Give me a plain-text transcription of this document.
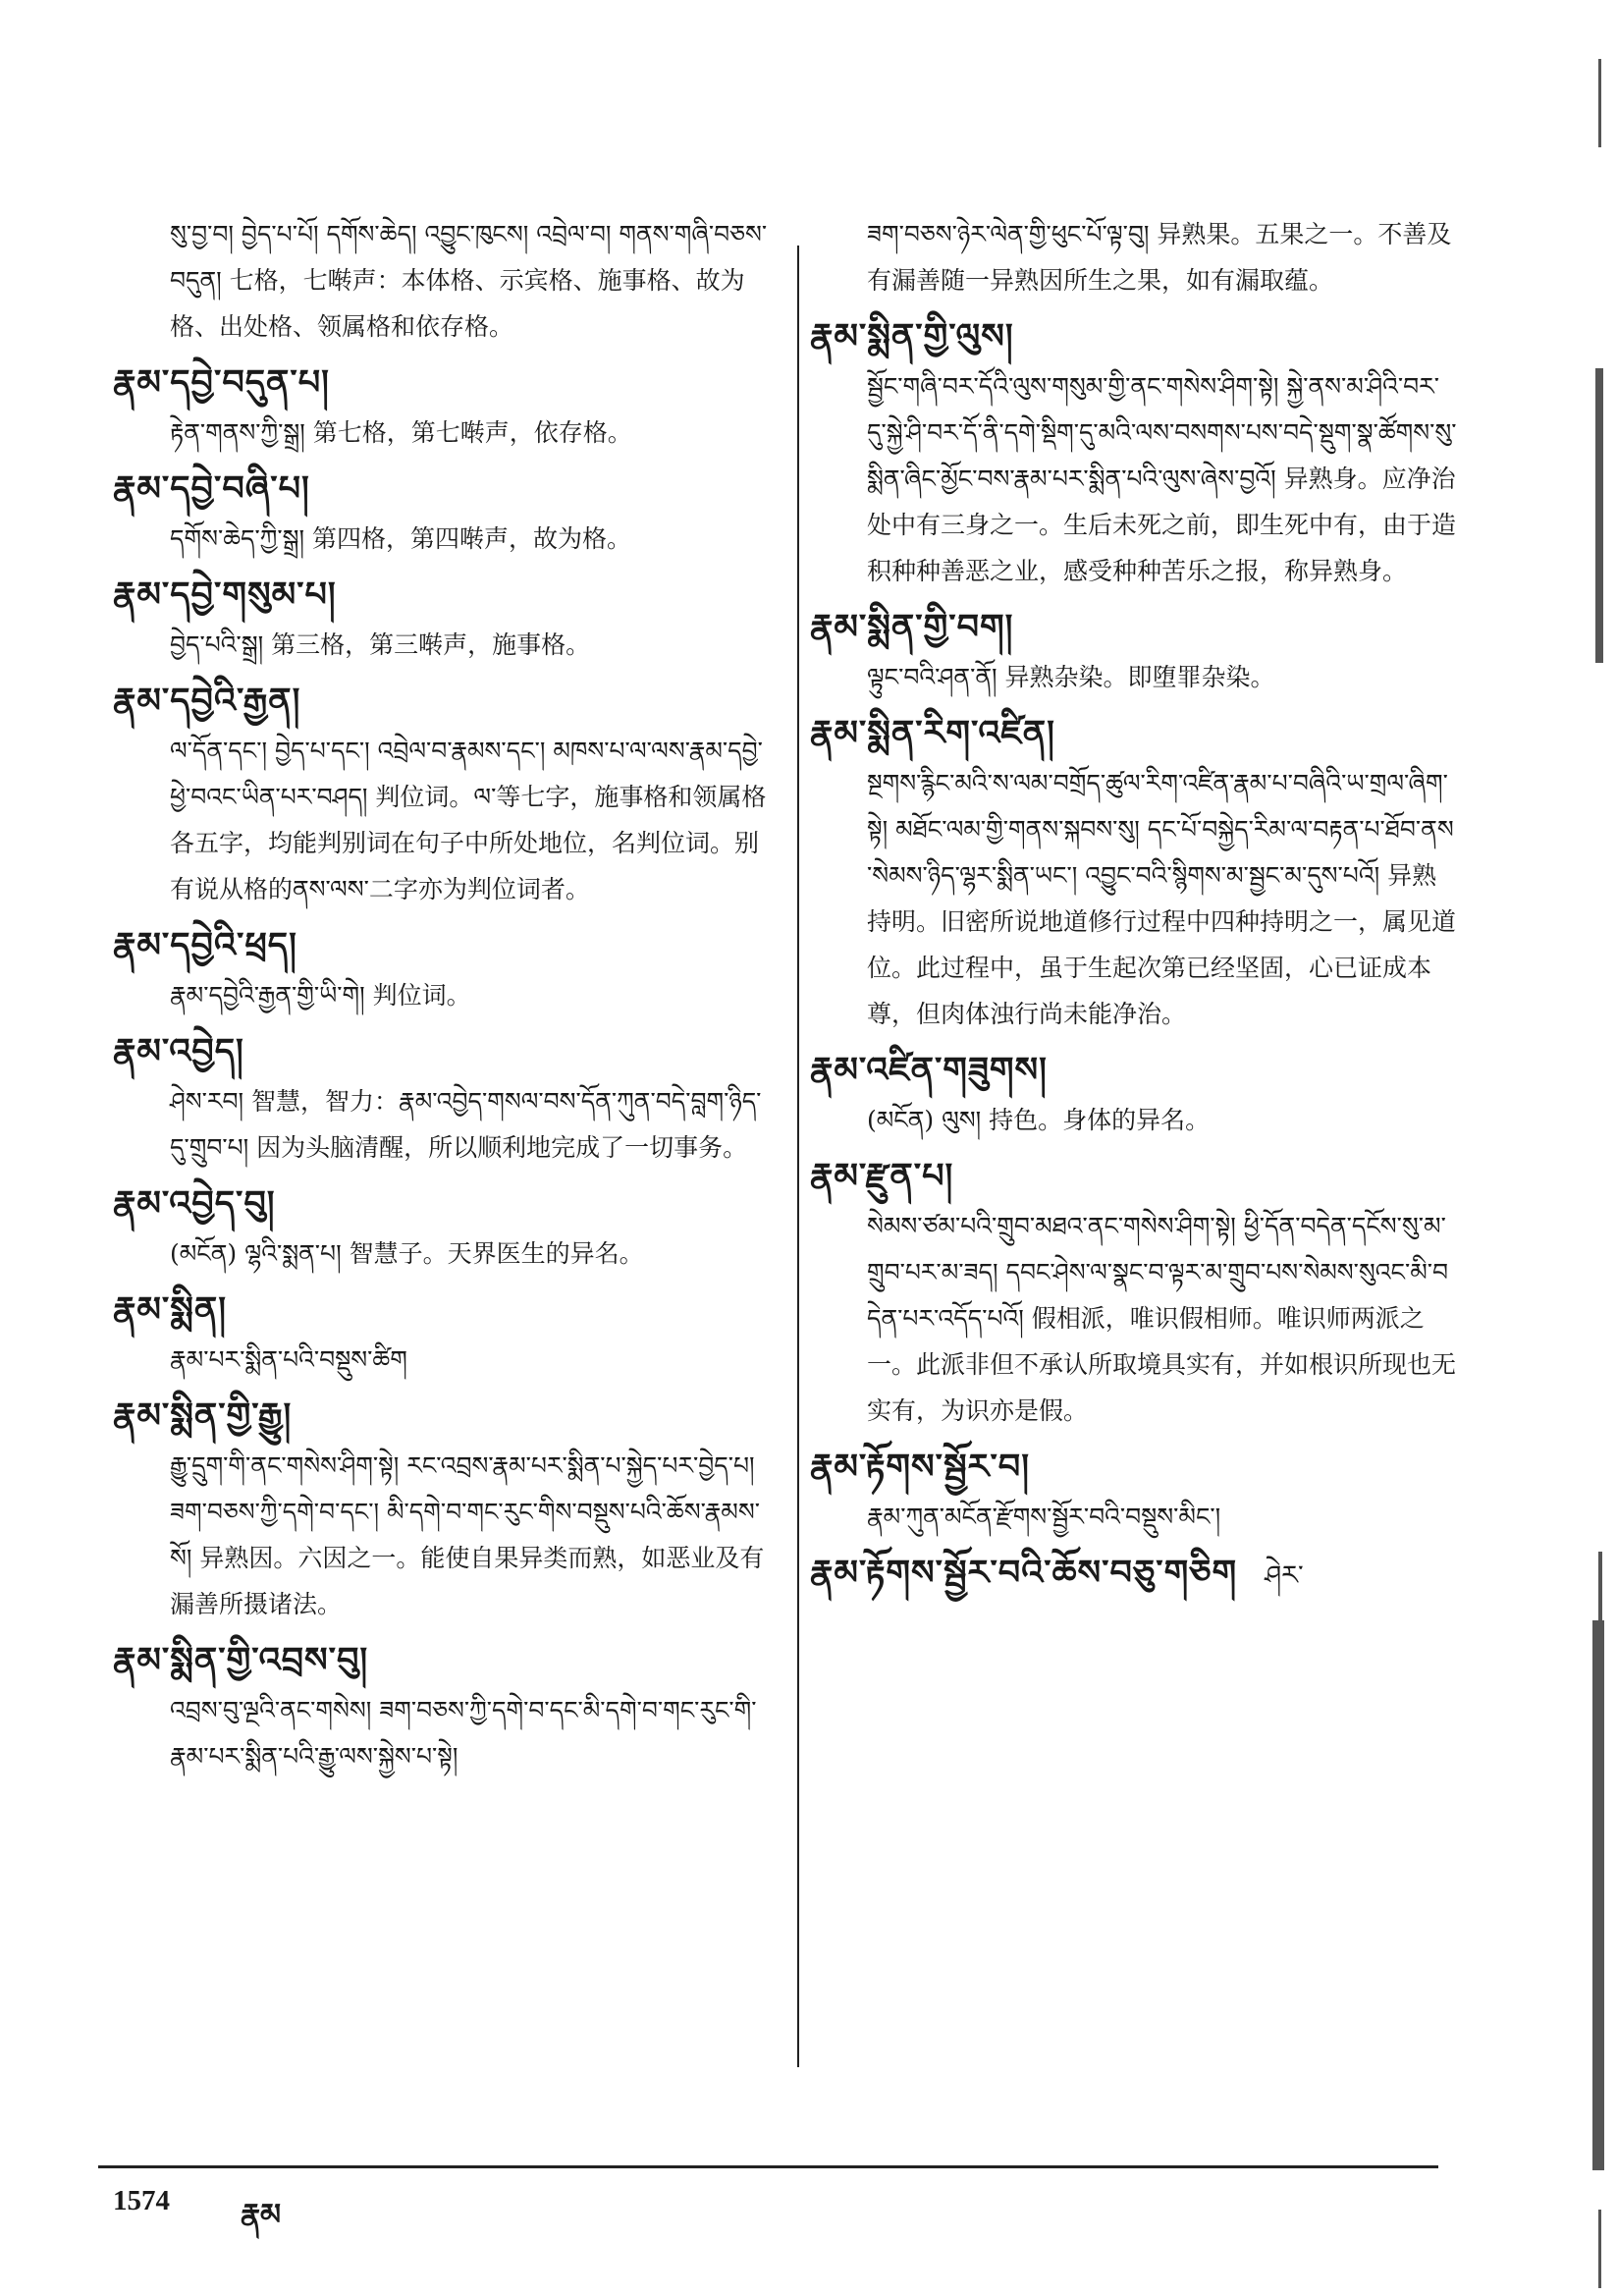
སུ་བྱ་བ། བྱེད་པ་པོ། དགོས་ཆེད། འབྱུང་ཁུངས། འབྲེལ་བ། གནས་གཞི་བཅས་བདུན། 七格，七啭声：本体格、示宾格、施事格、故为格、出处格、领属格和依存格。
རྣམ་དབྱེ་བདུན་པ།
རྟེན་གནས་ཀྱི་སྒྲ། 第七格，第七啭声，依存格。
རྣམ་དབྱེ་བཞི་པ།
དགོས་ཆེད་ཀྱི་སྒྲ། 第四格，第四啭声，故为格。
རྣམ་དབྱེ་གསུམ་པ།
བྱེད་པའི་སྒྲ། 第三格，第三啭声，施事格。
རྣམ་དབྱེའི་རྒྱན།
ལ་དོན་དང་། བྱེད་པ་དང་། འབྲེལ་བ་རྣམས་དང་། མཁས་པ་ལ་ལས་རྣམ་དབྱེ་ཕྱེ་བའང་ཡིན་པར་བཤད། 判位词。ལ་等七字，施事格和领属格各五字，均能判别词在句子中所处地位，名判位词。别有说从格的ནས་ལས་二字亦为判位词者。
རྣམ་དབྱེའི་ཕྲད།
རྣམ་དབྱེའི་རྒྱན་གྱི་ཡི་གེ། 判位词。
རྣམ་འབྱེད།
ཤེས་རབ། 智慧，智力：རྣམ་འབྱེད་གསལ་བས་དོན་ཀུན་བདེ་བླག་ཉིད་དུ་གྲུབ་པ། 因为头脑清醒，所以顺利地完成了一切事务。
རྣམ་འབྱེད་བུ།
(མངོན) ལྷའི་སྨན་པ། 智慧子。天界医生的异名。
རྣམ་སྨིན།
རྣམ་པར་སྨིན་པའི་བསྡུས་ཚིག
རྣམ་སྨིན་གྱི་རྒྱུ།
རྒྱུ་དྲུག་གི་ནང་གསེས་ཤིག་སྟེ། རང་འབྲས་རྣམ་པར་སྨིན་པ་སྐྱེད་པར་བྱེད་པ། ཟག་བཅས་ཀྱི་དགེ་བ་དང་། མི་དགེ་བ་གང་རུང་གིས་བསྡུས་པའི་ཆོས་རྣམས་སོ། 异熟因。六因之一。能使自果异类而熟，如恶业及有漏善所摄诸法。
རྣམ་སྨིན་གྱི་འབྲས་བུ།
འབྲས་བུ་ལྔའི་ནང་གསེས། ཟག་བཅས་ཀྱི་དགེ་བ་དང་མི་དགེ་བ་གང་རུང་གི་རྣམ་པར་སྨིན་པའི་རྒྱུ་ལས་སྐྱེས་པ་སྟེ།
ཟག་བཅས་ཉེར་ལེན་གྱི་ཕུང་པོ་ལྟ་བུ། 异熟果。五果之一。不善及有漏善随一异熟因所生之果，如有漏取蕴。
རྣམ་སྨིན་གྱི་ལུས།
སྦྱོང་གཞི་བར་དོའི་ལུས་གསུམ་གྱི་ནང་གསེས་ཤིག་སྟེ། སྐྱེ་ནས་མ་ཤིའི་བར་དུ་སྐྱེ་ཤི་བར་དོ་ནི་དགེ་སྡིག་དུ་མའི་ལས་བསགས་པས་བདེ་སྡུག་སྣ་ཚོགས་སུ་སྨིན་ཞིང་མྱོང་བས་རྣམ་པར་སྨིན་པའི་ལུས་ཞེས་བྱའོ། 异熟身。应净治处中有三身之一。生后未死之前，即生死中有，由于造积种种善恶之业，感受种种苦乐之报，称异熟身。
རྣམ་སྨིན་གྱི་བག།
ལྟུང་བའི་ཤན་ནོ། 异熟杂染。即堕罪杂染。
རྣམ་སྨིན་རིག་འཛིན།
སྔགས་རྙིང་མའི་ས་ལམ་བགྲོད་ཚུལ་རིག་འཛིན་རྣམ་པ་བཞིའི་ཡ་གྲལ་ཞིག་སྟེ། མཐོང་ལམ་གྱི་གནས་སྐབས་སུ། དང་པོ་བསྐྱེད་རིམ་ལ་བརྟན་པ་ཐོབ་ནས་སེམས་ཉིད་ལྷར་སྨིན་ཡང་། འབྱུང་བའི་སྙིགས་མ་སྦྱང་མ་དུས་པའོ། 异熟持明。旧密所说地道修行过程中四种持明之一，属见道位。此过程中，虽于生起次第已经坚固，心已证成本尊，但肉体浊行尚未能净治。
རྣམ་འཛིན་གཟུགས།
(མངོན) ལུས། 持色。身体的异名。
རྣམ་རྫུན་པ།
སེམས་ཙམ་པའི་གྲུབ་མཐའ་ནང་གསེས་ཤིག་སྟེ། ཕྱི་དོན་བདེན་དངོས་སུ་མ་གྲུབ་པར་མ་ཟད། དབང་ཤེས་ལ་སྣང་བ་ལྟར་མ་གྲུབ་པས་སེམས་སུའང་མི་བདེན་པར་འདོད་པའོ། 假相派，唯识假相师。唯识师两派之一。此派非但不承认所取境具实有，并如根识所现也无实有，为识亦是假。
རྣམ་རྟོགས་སྦྱོར་བ།
རྣམ་ཀུན་མངོན་རྫོགས་སྦྱོར་བའི་བསྡུས་མིང་།
རྣམ་རྟོགས་སྦྱོར་བའི་ཆོས་བཅུ་གཅིག ཤེར་
1574 རྣམ
